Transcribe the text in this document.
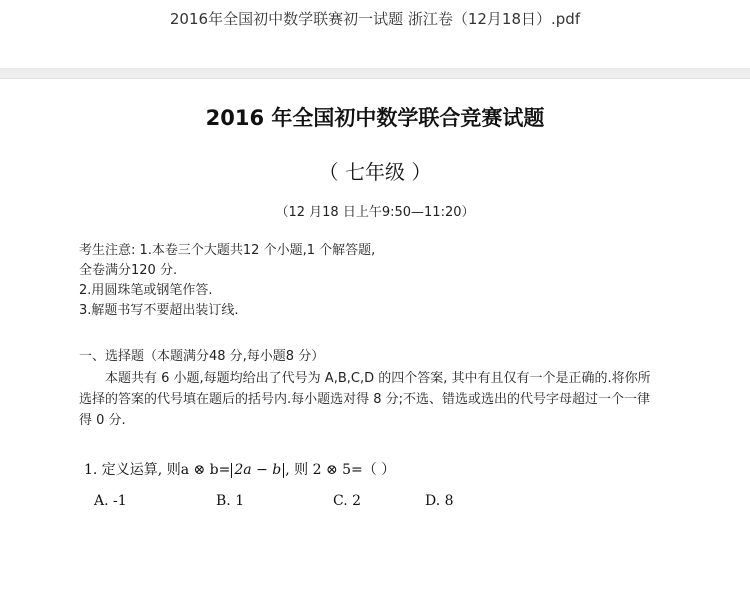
2016年全国初中数学联赛初一试题 浙江卷（12月18日）.pdf
2016 年全国初中数学联合竞赛试题
（ 七年级 ）
（12 月18 日上午9:50—11:20）
考生注意: 1.本卷三个大题共12 个小题,1 个解答题,
全卷满分120 分.
2.用圆珠笔或钢笔作答.
3.解题书写不要超出装订线.
一、选择题（本题满分48 分,每小题8 分）
本题共有 6 小题,每题均给出了代号为 A,B,C,D 的四个答案, 其中有且仅有一个是正确的.将你所选择的答案的代号填在题后的括号内.每小题选对得 8 分;不选、错选或选出的代号字母超过一个一律得 0 分.
1. 定义运算, 则a ⊗ b= 2a − b , 则 2 ⊗ 5=（ ）
A. -1	B. 1	C. 2	D. 8
